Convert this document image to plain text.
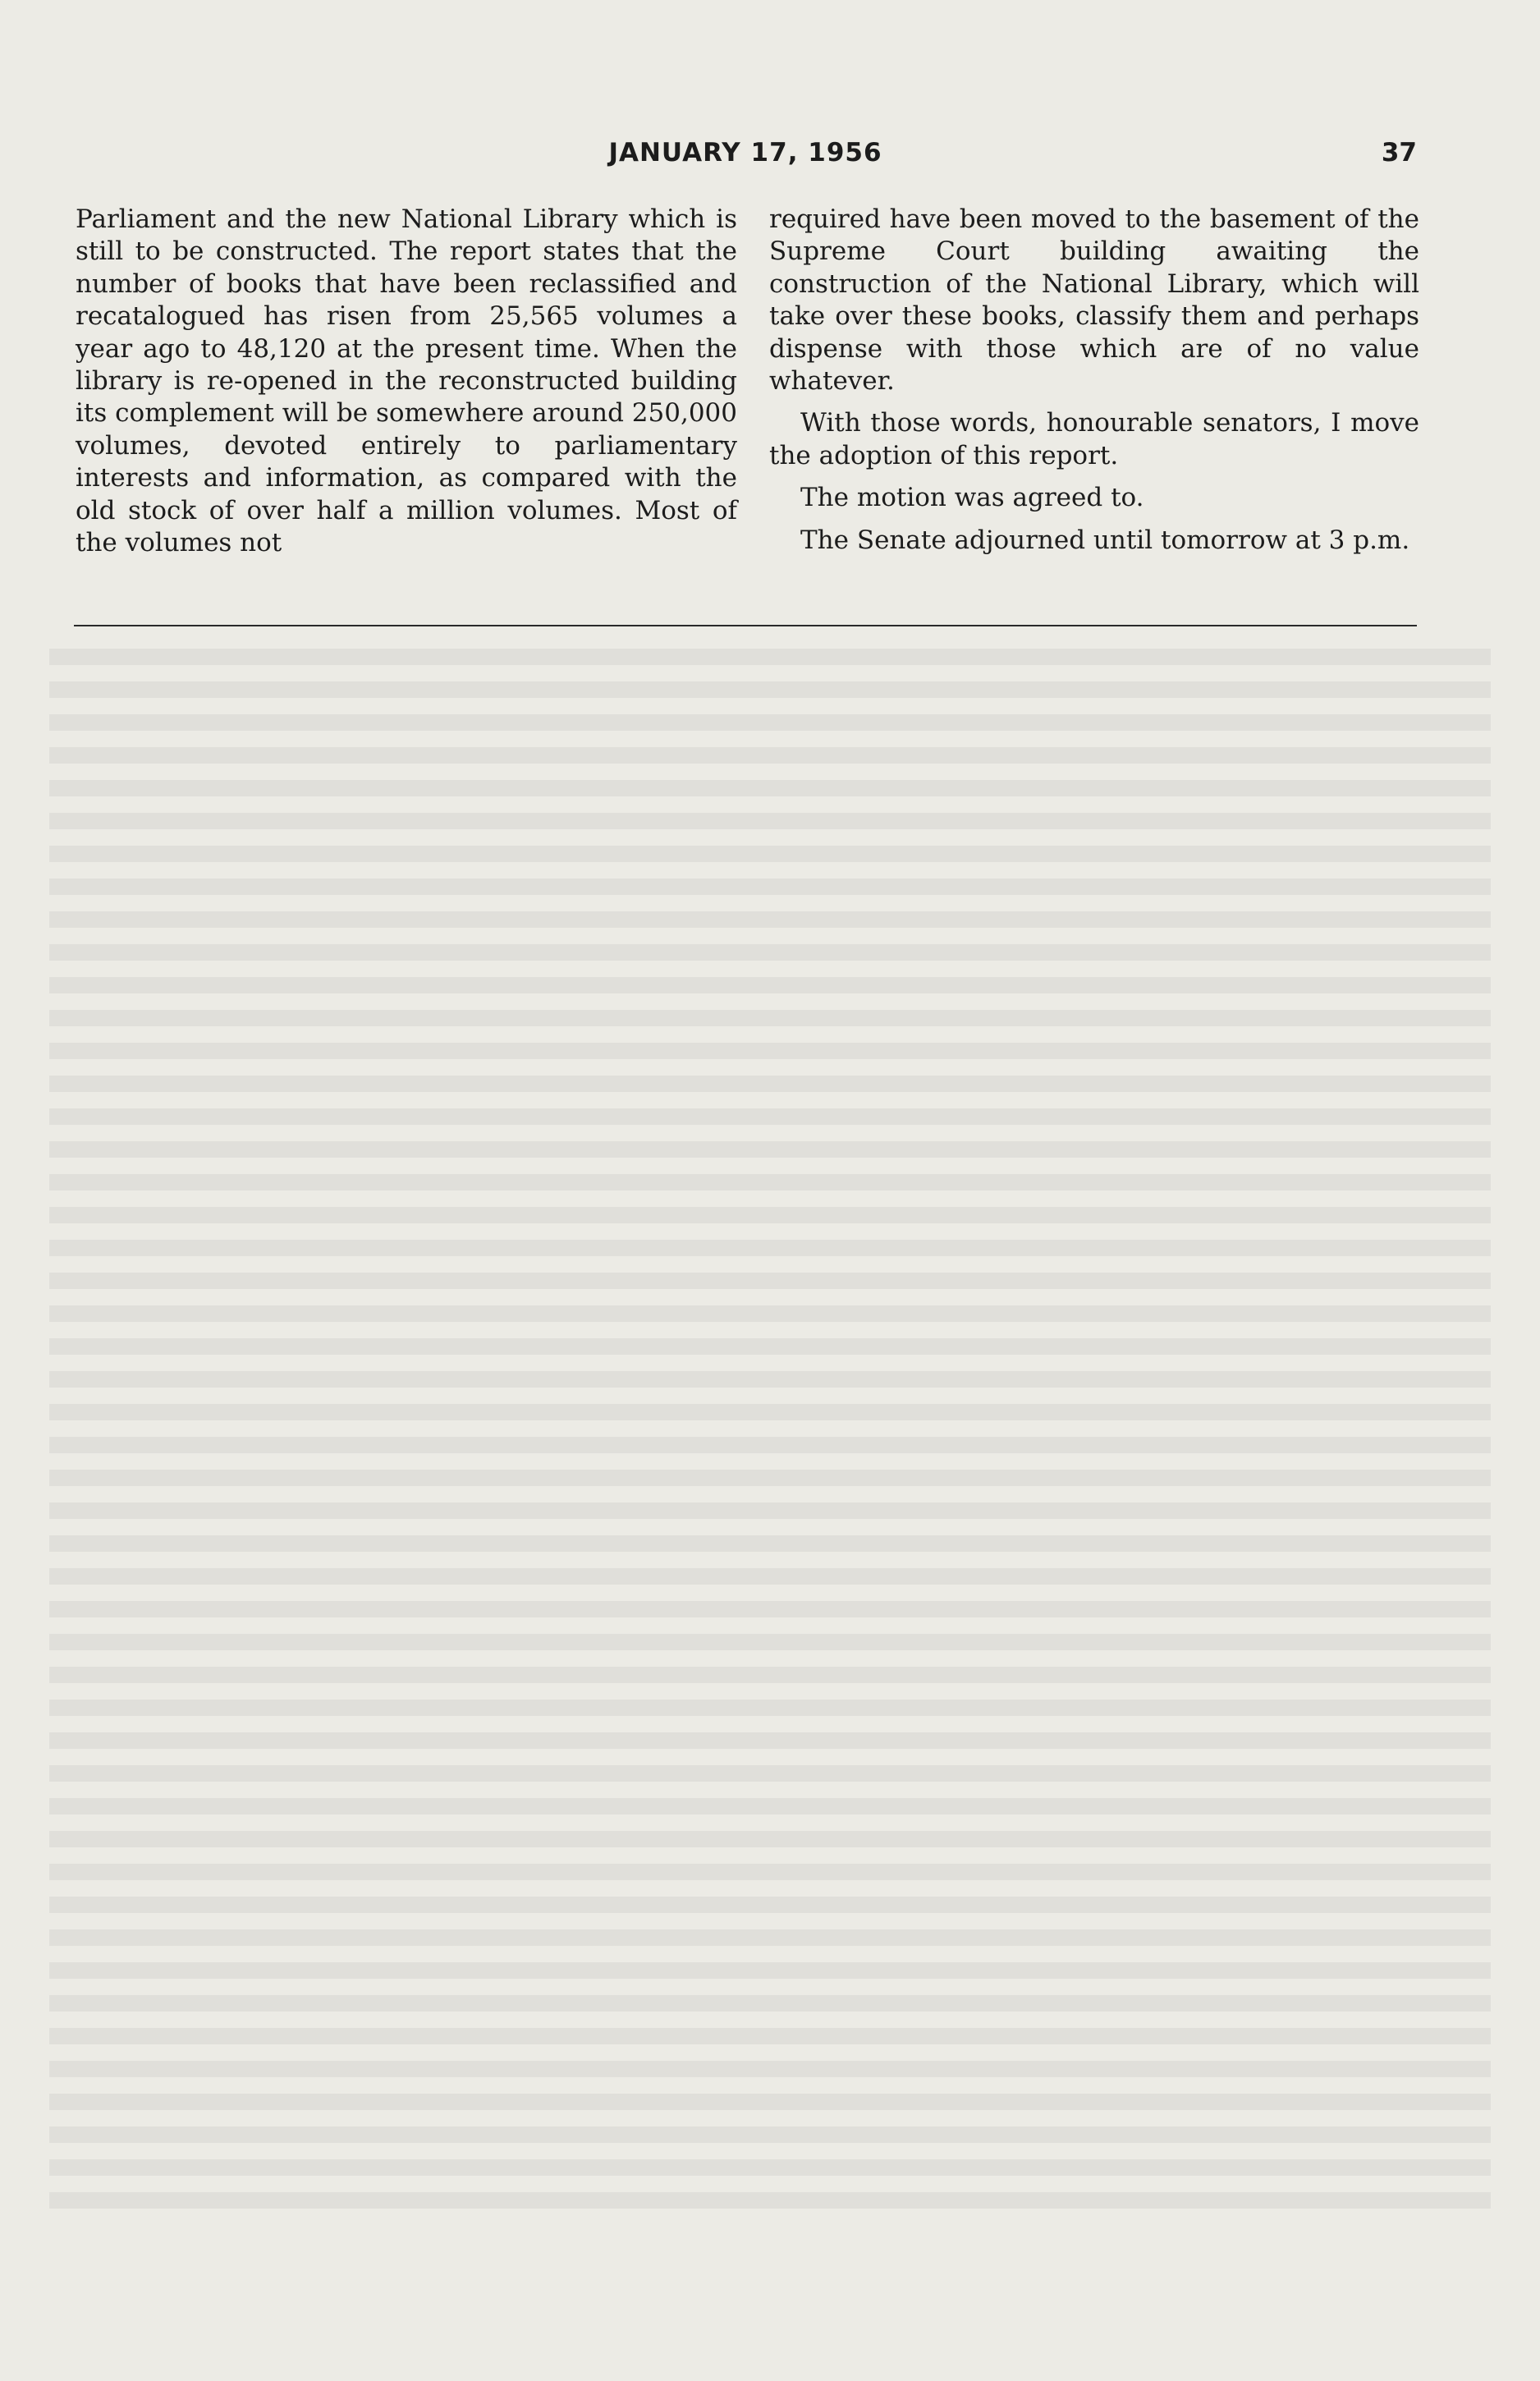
JANUARY 17, 1956	37

Parliament and the new National Library which is still to be constructed. The report states that the number of books that have been reclassified and recatalogued has risen from 25,565 volumes a year ago to 48,120 at the present time. When the library is re-opened in the reconstructed building its complement will be somewhere around 250,000 volumes, devoted entirely to parliamentary interests and information, as compared with the old stock of over half a million volumes. Most of the volumes not

required have been moved to the basement of the Supreme Court building awaiting the construction of the National Library, which will take over these books, classify them and perhaps dispense with those which are of no value whatever.

With those words, honourable senators, I move the adoption of this report.

The motion was agreed to.

The Senate adjourned until tomorrow at 3 p.m.
